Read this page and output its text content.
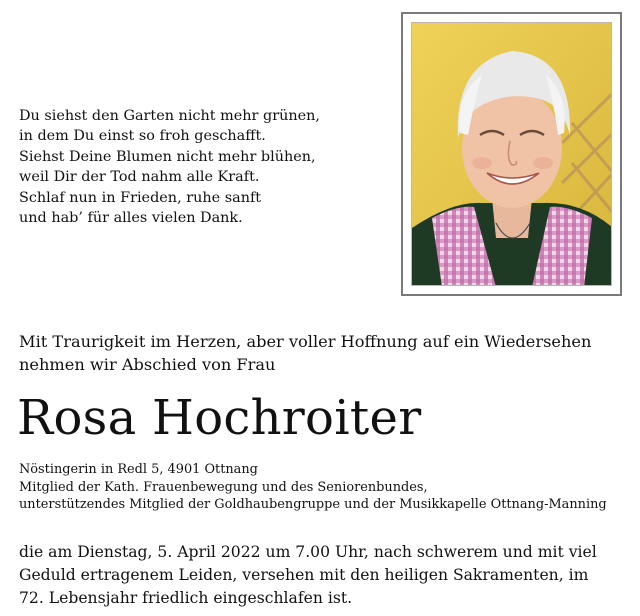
Du siehst den Garten nicht mehr grünen,
in dem Du einst so froh geschafft.
Siehst Deine Blumen nicht mehr blühen,
weil Dir der Tod nahm alle Kraft.
Schlaf nun in Frieden, ruhe sanft
und hab’ für alles vielen Dank.
Mit Traurigkeit im Herzen, aber voller Hoffnung auf ein Wiedersehen
nehmen wir Abschied von Frau
Rosa Hochroiter
Nöstingerin in Redl 5, 4901 Ottnang
Mitglied der Kath. Frauenbewegung und des Seniorenbundes,
unterstützendes Mitglied der Goldhaubengruppe und der Musikkapelle Ottnang-Manning
die am Dienstag, 5. April 2022 um 7.00 Uhr, nach schwerem und mit viel
Geduld ertragenem Leiden, versehen mit den heiligen Sakramenten, im
72. Lebensjahr friedlich eingeschlafen ist.
